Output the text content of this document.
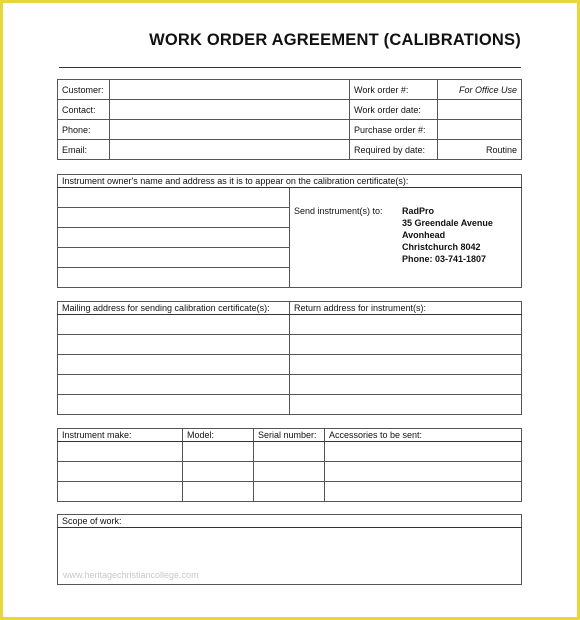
WORK ORDER AGREEMENT (CALIBRATIONS)
Customer:		Work order #:	For Office Use
Contact:		Work order date:	
Phone:		Purchase order #:	
Email:		Required by date:	Routine
Instrument owner's name and address as it is to appear on the calibration certificate(s):

Send instrument(s) to:	RadPro
35 Greendale Avenue
Avonhead
Christchurch 8042
Phone: 03-741-1807

Mailing address for sending calibration certificate(s):	Return address for instrument(s):

Instrument make:	Model:	Serial number:	Accessories to be sent:

Scope of work:

www.heritagechristiancollege.com
